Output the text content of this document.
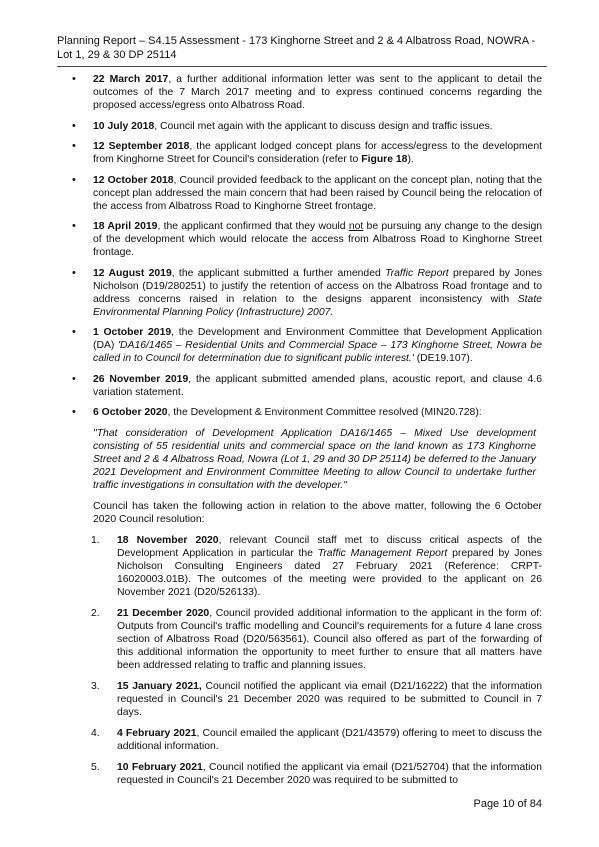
Planning Report – S4.15 Assessment - 173 Kinghorne Street and 2 & 4 Albatross Road, NOWRA -
Lot 1, 29 & 30 DP 25114
• 22 March 2017, a further additional information letter was sent to the applicant to detail the outcomes of the 7 March 2017 meeting and to express continued concerns regarding the proposed access/egress onto Albatross Road.
• 10 July 2018, Council met again with the applicant to discuss design and traffic issues.
• 12 September 2018, the applicant lodged concept plans for access/egress to the development from Kinghorne Street for Council's consideration (refer to Figure 18).
• 12 October 2018, Council provided feedback to the applicant on the concept plan, noting that the concept plan addressed the main concern that had been raised by Council being the relocation of the access from Albatross Road to Kinghorne Street frontage.
• 18 April 2019, the applicant confirmed that they would not be pursuing any change to the design of the development which would relocate the access from Albatross Road to Kinghorne Street frontage.
• 12 August 2019, the applicant submitted a further amended Traffic Report prepared by Jones Nicholson (D19/280251) to justify the retention of access on the Albatross Road frontage and to address concerns raised in relation to the designs apparent inconsistency with State Environmental Planning Policy (Infrastructure) 2007.
• 1 October 2019, the Development and Environment Committee that Development Application (DA) 'DA16/1465 – Residential Units and Commercial Space – 173 Kinghorne Street, Nowra be called in to Council for determination due to significant public interest.' (DE19.107).
• 26 November 2019, the applicant submitted amended plans, acoustic report, and clause 4.6 variation statement.
• 6 October 2020, the Development & Environment Committee resolved (MIN20.728):
"That consideration of Development Application DA16/1465 – Mixed Use development consisting of 55 residential units and commercial space on the land known as 173 Kinghorne Street and 2 & 4 Albatross Road, Nowra (Lot 1, 29 and 30 DP 25114) be deferred to the January 2021 Development and Environment Committee Meeting to allow Council to undertake further traffic investigations in consultation with the developer."
Council has taken the following action in relation to the above matter, following the 6 October 2020 Council resolution:
1.	18 November 2020, relevant Council staff met to discuss critical aspects of the Development Application in particular the Traffic Management Report prepared by Jones Nicholson Consulting Engineers dated 27 February 2021 (Reference: CRPT-16020003.01B). The outcomes of the meeting were provided to the applicant on 26 November 2021 (D20/526133).
2.	21 December 2020, Council provided additional information to the applicant in the form of: Outputs from Council's traffic modelling and Council's requirements for a future 4 lane cross section of Albatross Road (D20/563561). Council also offered as part of the forwarding of this additional information the opportunity to meet further to ensure that all matters have been addressed relating to traffic and planning issues.
3.	15 January 2021, Council notified the applicant via email (D21/16222) that the information requested in Council's 21 December 2020 was required to be submitted to Council in 7 days.
4.	4 February 2021, Council emailed the applicant (D21/43579) offering to meet to discuss the additional information.
5.	10 February 2021, Council notified the applicant via email (D21/52704) that the information requested in Council's 21 December 2020 was required to be submitted to
Page 10 of 84
